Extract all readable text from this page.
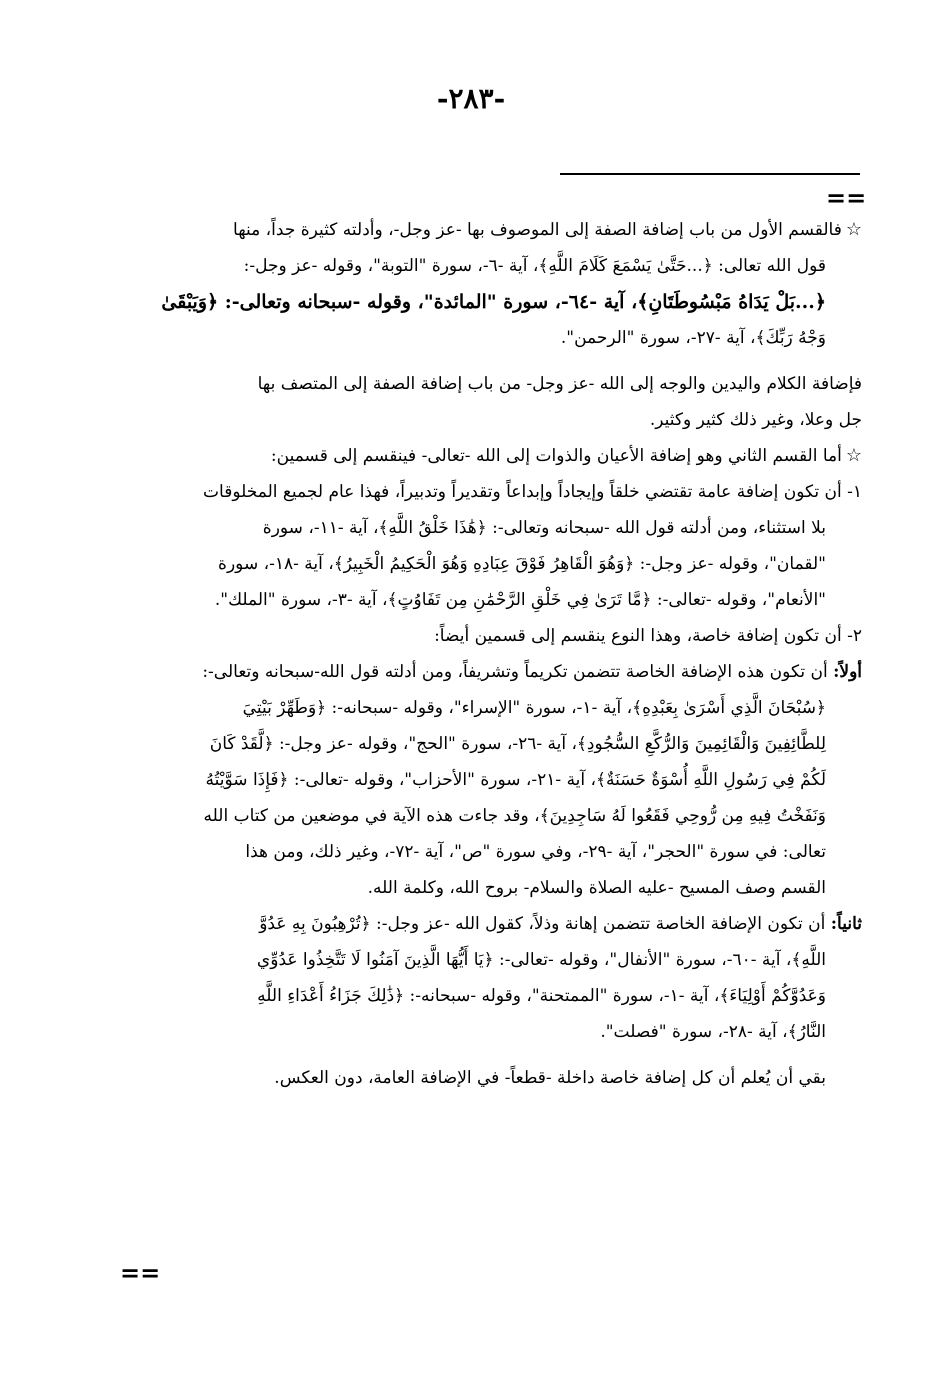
-٢٨٣-
==
☆فالقسم الأول من باب إضافة الصفة إلى الموصوف بها -عز وجل-، وأدلته كثيرة جداً، منها
قول الله تعالى: ﴿...حَتَّىٰ يَسْمَعَ كَلَامَ اللَّهِ﴾، آية -٦-، سورة "التوبة"، وقوله -عز وجل-:
﴿...بَلْ يَدَاهُ مَبْسُوطَتَانِ﴾، آية -٦٤-، سورة "المائدة"، وقوله -سبحانه وتعالى-: ﴿وَيَبْقَىٰ
وَجْهُ رَبِّكَ﴾، آية -٢٧-، سورة "الرحمن".
فإضافة الكلام واليدين والوجه إلى الله -عز وجل- من باب إضافة الصفة إلى المتصف بها
جل وعلا، وغير ذلك كثير وكثير.
☆أما القسم الثاني وهو إضافة الأعيان والذوات إلى الله -تعالى- فينقسم إلى قسمين:
١- أن تكون إضافة عامة تقتضي خلقاً وإيجاداً وإبداعاً وتقديراً وتدبيراً، فهذا عام لجميع المخلوقات
بلا استثناء، ومن أدلته قول الله -سبحانه وتعالى-: ﴿هَٰذَا خَلْقُ اللَّهِ﴾، آية -١١-، سورة
"لقمان"، وقوله -عز وجل-: ﴿وَهُوَ الْقَاهِرُ فَوْقَ عِبَادِهِ وَهُوَ الْحَكِيمُ الْخَبِيرُ﴾، آية -١٨-، سورة
"الأنعام"، وقوله -تعالى-: ﴿مَّا تَرَىٰ فِي خَلْقِ الرَّحْمَٰنِ مِن تَفَاوُتٍ﴾، آية -٣-، سورة "الملك".
٢- أن تكون إضافة خاصة، وهذا النوع ينقسم إلى قسمين أيضاً:
أولاً: أن تكون هذه الإضافة الخاصة تتضمن تكريماً وتشريفاً، ومن أدلته قول الله-سبحانه وتعالى-:
﴿سُبْحَانَ الَّذِي أَسْرَىٰ بِعَبْدِهِ﴾، آية -١-، سورة "الإسراء"، وقوله -سبحانه-: ﴿وَطَهِّرْ بَيْتِيَ
لِلطَّائِفِينَ وَالْقَائِمِينَ وَالرُّكَّعِ السُّجُودِ﴾، آية -٢٦-، سورة "الحج"، وقوله -عز وجل-: ﴿لَّقَدْ كَانَ
لَكُمْ فِي رَسُولِ اللَّهِ أُسْوَةٌ حَسَنَةٌ﴾، آية -٢١-، سورة "الأحزاب"، وقوله -تعالى-: ﴿فَإِذَا سَوَّيْتُهُ
وَنَفَخْتُ فِيهِ مِن رُّوحِي فَقَعُوا لَهُ سَاجِدِينَ﴾، وقد جاءت هذه الآية في موضعين من كتاب الله
تعالى: في سورة "الحجر"، آية -٢٩-، وفي سورة "ص"، آية -٧٢-، وغير ذلك، ومن هذا
القسم وصف المسيح -عليه الصلاة والسلام- بروح الله، وكلمة الله.
ثانياً: أن تكون الإضافة الخاصة تتضمن إهانة وذلاً، كقول الله -عز وجل-: ﴿تُرْهِبُونَ بِهِ عَدُوَّ
اللَّهِ﴾، آية -٦٠-، سورة "الأنفال"، وقوله -تعالى-: ﴿يَا أَيُّهَا الَّذِينَ آمَنُوا لَا تَتَّخِذُوا عَدُوِّي
وَعَدُوَّكُمْ أَوْلِيَاءَ﴾، آية -١-، سورة "الممتحنة"، وقوله -سبحانه-: ﴿ذَٰلِكَ جَزَاءُ أَعْدَاءِ اللَّهِ
النَّارُ﴾، آية -٢٨-، سورة "فصلت".
بقي أن يُعلم أن كل إضافة خاصة داخلة -قطعاً- في الإضافة العامة، دون العكس.
==
